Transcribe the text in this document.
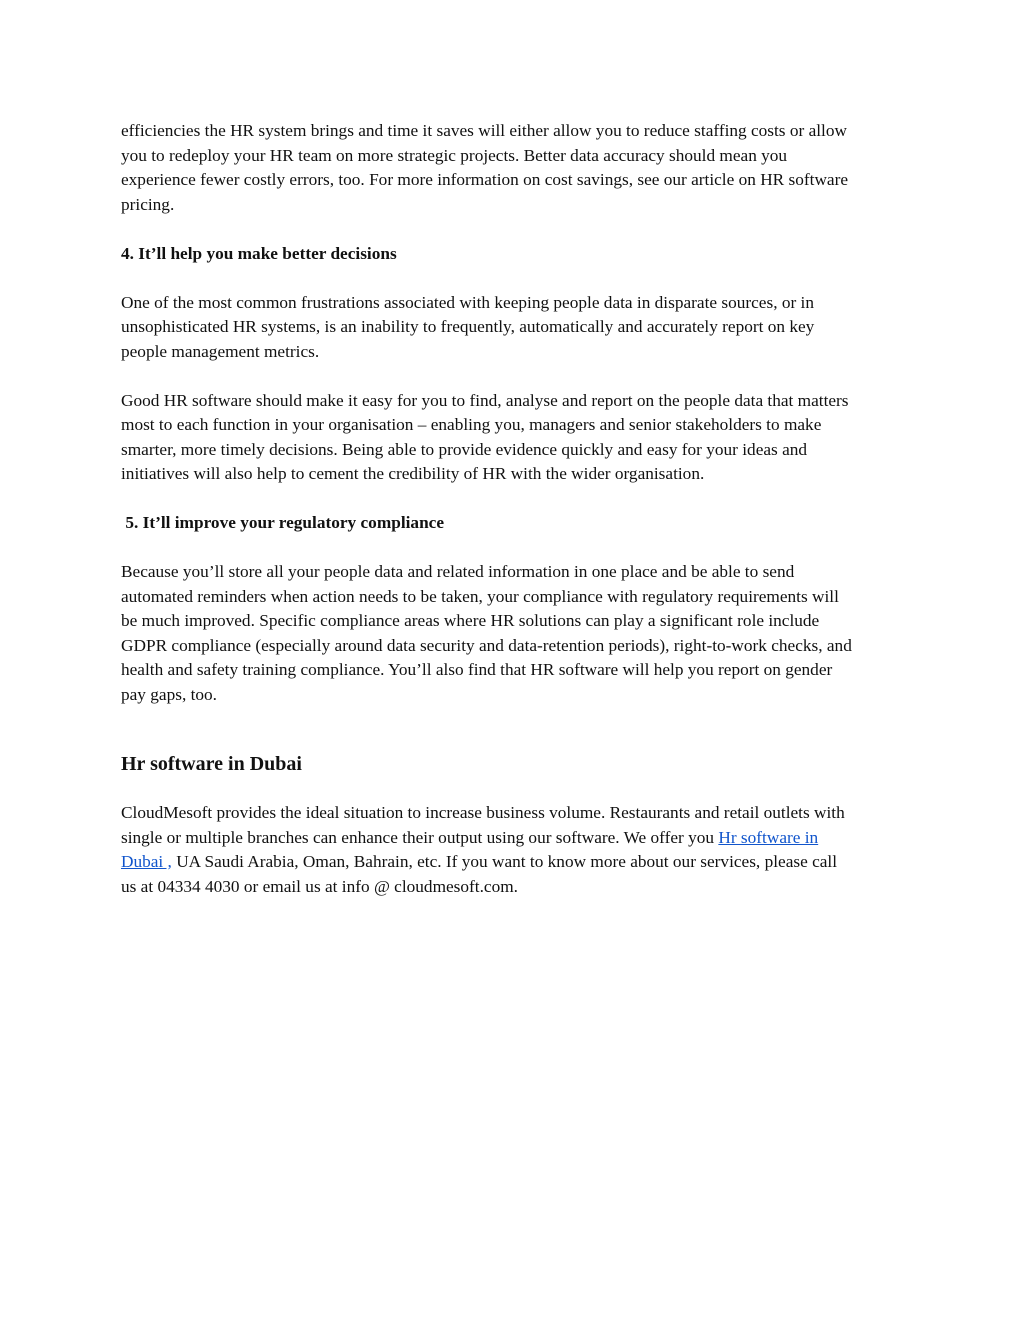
efficiencies the HR system brings and time it saves will either allow you to reduce staffing costs or allow
you to redeploy your HR team on more strategic projects. Better data accuracy should mean you
experience fewer costly errors, too. For more information on cost savings, see our article on HR software
pricing.

4. It’ll help you make better decisions

One of the most common frustrations associated with keeping people data in disparate sources, or in
unsophisticated HR systems, is an inability to frequently, automatically and accurately report on key
people management metrics.

Good HR software should make it easy for you to find, analyse and report on the people data that matters
most to each function in your organisation – enabling you, managers and senior stakeholders to make
smarter, more timely decisions. Being able to provide evidence quickly and easy for your ideas and
initiatives will also help to cement the credibility of HR with the wider organisation.

5. It’ll improve your regulatory compliance

Because you’ll store all your people data and related information in one place and be able to send
automated reminders when action needs to be taken, your compliance with regulatory requirements will
be much improved. Specific compliance areas where HR solutions can play a significant role include
GDPR compliance (especially around data security and data-retention periods), right-to-work checks, and
health and safety training compliance. You’ll also find that HR software will help you report on gender
pay gaps, too.

Hr software in Dubai

CloudMesoft provides the ideal situation to increase business volume. Restaurants and retail outlets with
single or multiple branches can enhance their output using our software. We offer you Hr software in
Dubai , UA Saudi Arabia, Oman, Bahrain, etc. If you want to know more about our services, please call
us at 04334 4030 or email us at info @ cloudmesoft.com.
